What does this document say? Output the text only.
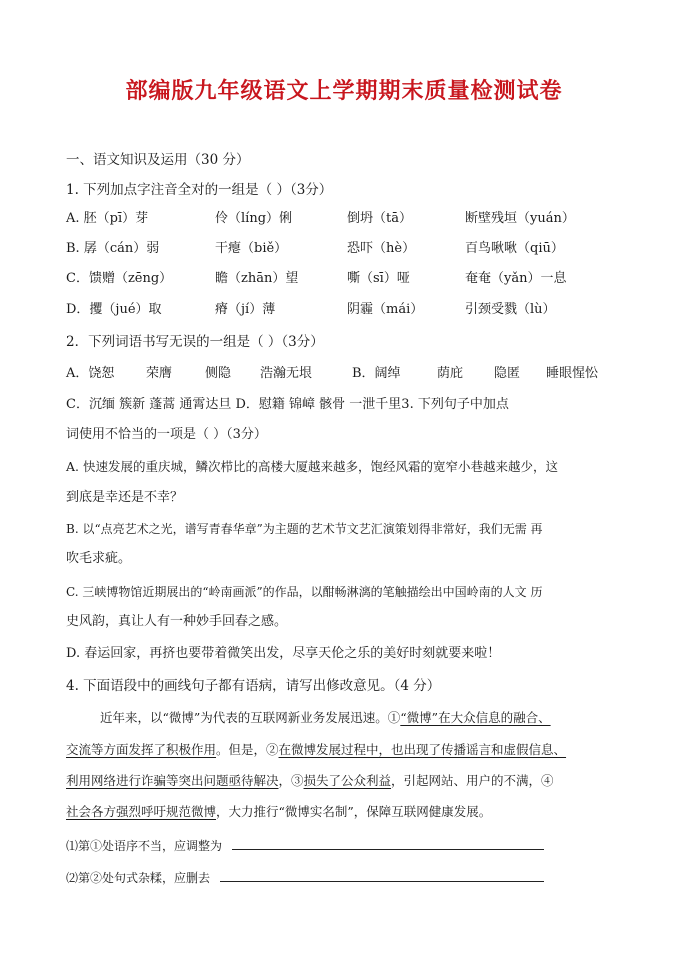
部编版九年级语文上学期期末质量检测试卷
一、语文知识及运用（30 分）
1. 下列加点字注音全对的一组是（ ）（3分）
A. 胚（pī）芽	伶（líng）俐	倒坍（tā）	断壁残垣（yuán）
B. 孱（cán）弱	干瘪（biě）	恐吓（hè）	百鸟啾啾（qiū）
C．馈赠（zēng）	瞻（zhān）望	嘶（sī）哑	奄奄（yǎn）一息
D．攫（jué）取	瘠（jí）薄	阴霾（mái）	引颈受戮（lù）
2．下列词语书写无误的一组是（ ）（3分）
A．饶恕 荣膺	侧隐 浩瀚无垠	B．阔绰	荫庇 隐匿 睡眼惺忪
C．沉缅 簇新 蓬蒿 通霄达旦 D．慰籍 锦嶂 骸骨 一泄千里3. 下列句子中加点
词使用不恰当的一项是（ ）（3分）
A. 快速发展的重庆城，鳞次栉比的高楼大厦越来越多，饱经风霜的宽窄小巷越来越少，这
到底是幸还是不幸？
B. 以“点亮艺术之光，谱写青春华章”为主题的艺术节文艺汇演策划得非常好，我们无需 再
吹毛求疵。
C. 三峡博物馆近期展出的“岭南画派”的作品，以酣畅淋漓的笔触描绘出中国岭南的人文 历
史风韵，真让人有一种妙手回春之感。
D. 春运回家，再挤也要带着微笑出发，尽享天伦之乐的美好时刻就要来啦！
4. 下面语段中的画线句子都有语病，请写出修改意见。（4 分）
近年来，以“微博”为代表的互联网新业务发展迅速。①“微博”在大众信息的融合、
交流等方面发挥了积极作用。但是，②在微博发展过程中，也出现了传播谣言和虚假信息、
利用网络进行诈骗等突出问题亟待解决，③损失了公众利益，引起网站、用户的不满，④
社会各方强烈呼吁规范微博，大力推行“微博实名制”，保障互联网健康发展。
⑴第①处语序不当，应调整为
⑵第②处句式杂糅，应删去
